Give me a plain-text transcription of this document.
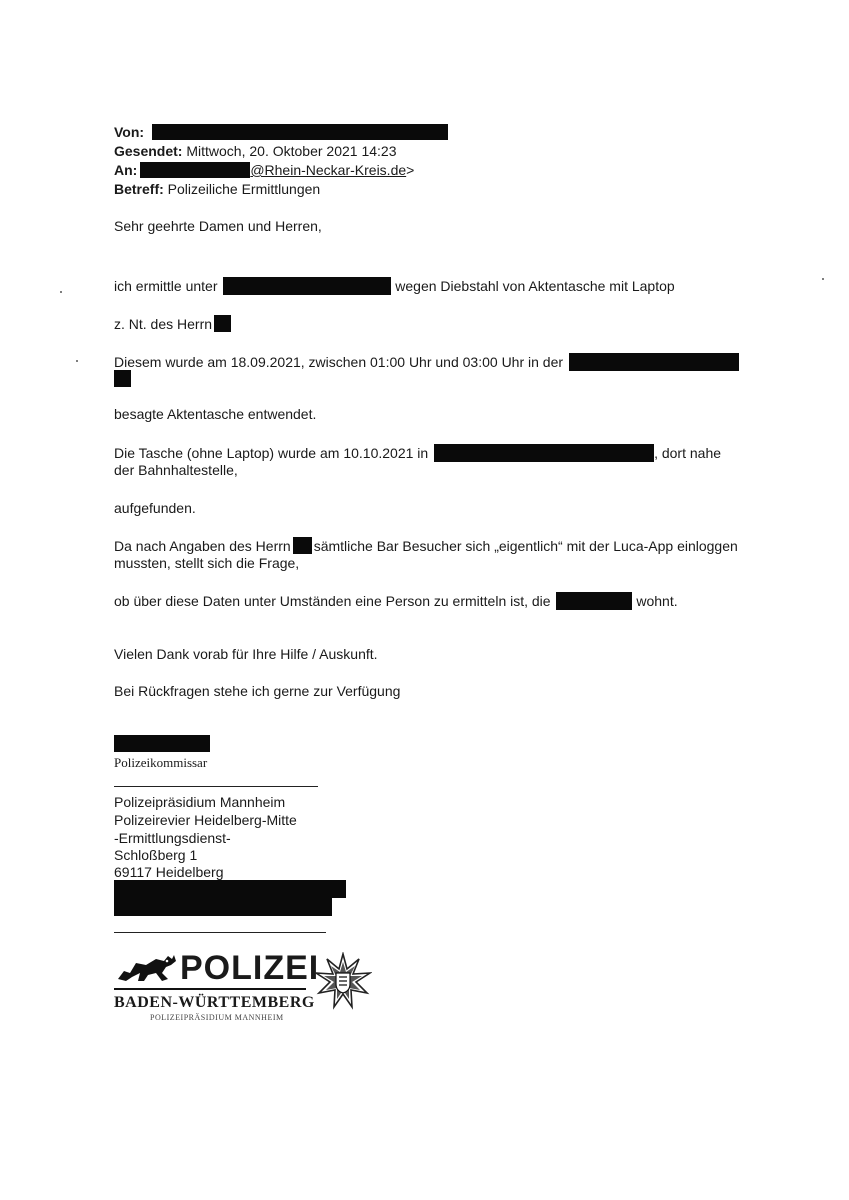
Von:
Gesendet: Mittwoch, 20. Oktober 2021 14:23
An:	@Rhein-Neckar-Kreis.de>
Betreff: Polizeiliche Ermittlungen
Sehr geehrte Damen und Herren,
ich ermittle unter	wegen Diebstahl von Aktentasche mit Laptop
z. Nt. des Herrn
Diesem wurde am 18.09.2021, zwischen 01:00 Uhr und 03:00 Uhr in der
besagte Aktentasche entwendet.
Die Tasche (ohne Laptop) wurde am 10.10.2021 in	, dort nahe
der Bahnhaltestelle,
aufgefunden.
Da nach Angaben des Herrn sämtliche Bar Besucher sich „eigentlich“ mit der Luca-App einloggen
mussten, stellt sich die Frage,
ob über diese Daten unter Umständen eine Person zu ermitteln ist, die	wohnt.
Vielen Dank vorab für Ihre Hilfe / Auskunft.
Bei Rückfragen stehe ich gerne zur Verfügung
Polizeikommissar
Polizeipräsidium Mannheim
Polizeirevier Heidelberg-Mitte
-Ermittlungsdienst-
Schloßberg 1
69117 Heidelberg
POLIZEI
BADEN-WÜRTTEMBERG
POLIZEIPRÄSIDIUM MANNHEIM
